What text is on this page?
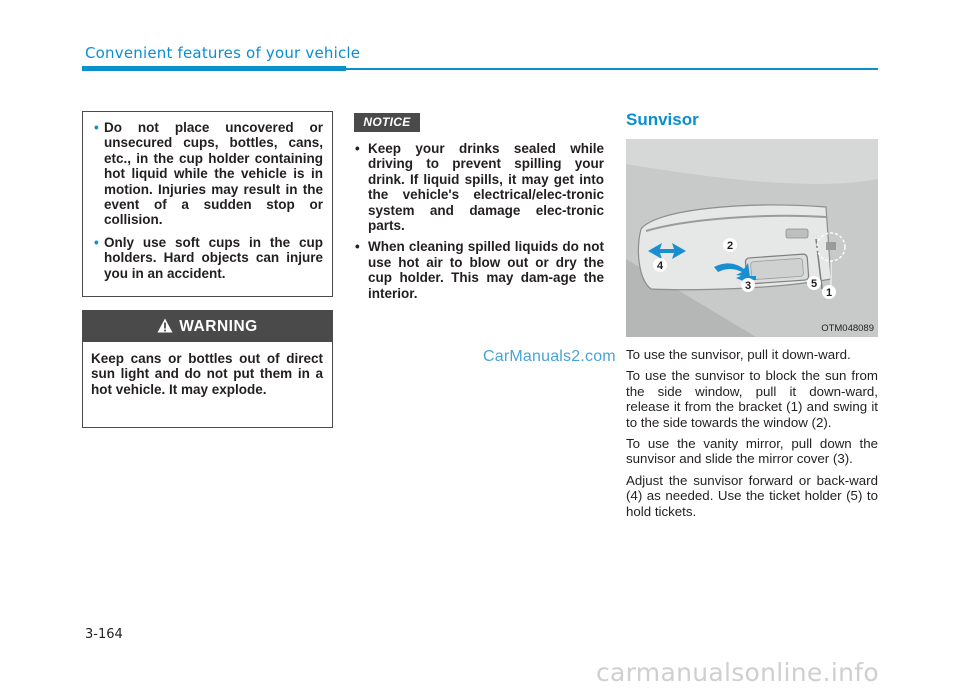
Convenient features of your vehicle
• Do not place uncovered or unsecured cups, bottles, cans, etc., in the cup holder containing hot liquid while the vehicle is in motion. Injuries may result in the event of a sudden stop or collision.
• Only use soft cups in the cup holders. Hard objects can injure you in an accident.
WARNING
Keep cans or bottles out of direct sun light and do not put them in a hot vehicle. It may explode.
NOTICE
• Keep your drinks sealed while driving to prevent spilling your drink. If liquid spills, it may get into the vehicle's electrical/elec-tronic system and damage elec-tronic parts.
• When cleaning spilled liquids do not use hot air to blow out or dry the cup holder. This may dam-age the interior.
CarManuals2.com
Sunvisor
4
2
3	5
1
OTM048089

To use the sunvisor, pull it down-ward.

To use the sunvisor to block the sun from the side window, pull it down-ward, release it from the bracket (1) and swing it to the side towards the window (2).

To use the vanity mirror, pull down the sunvisor and slide the mirror cover (3).

Adjust the sunvisor forward or back-ward (4) as needed. Use the ticket holder (5) to hold tickets.

3-164
carmanualsonline.info
